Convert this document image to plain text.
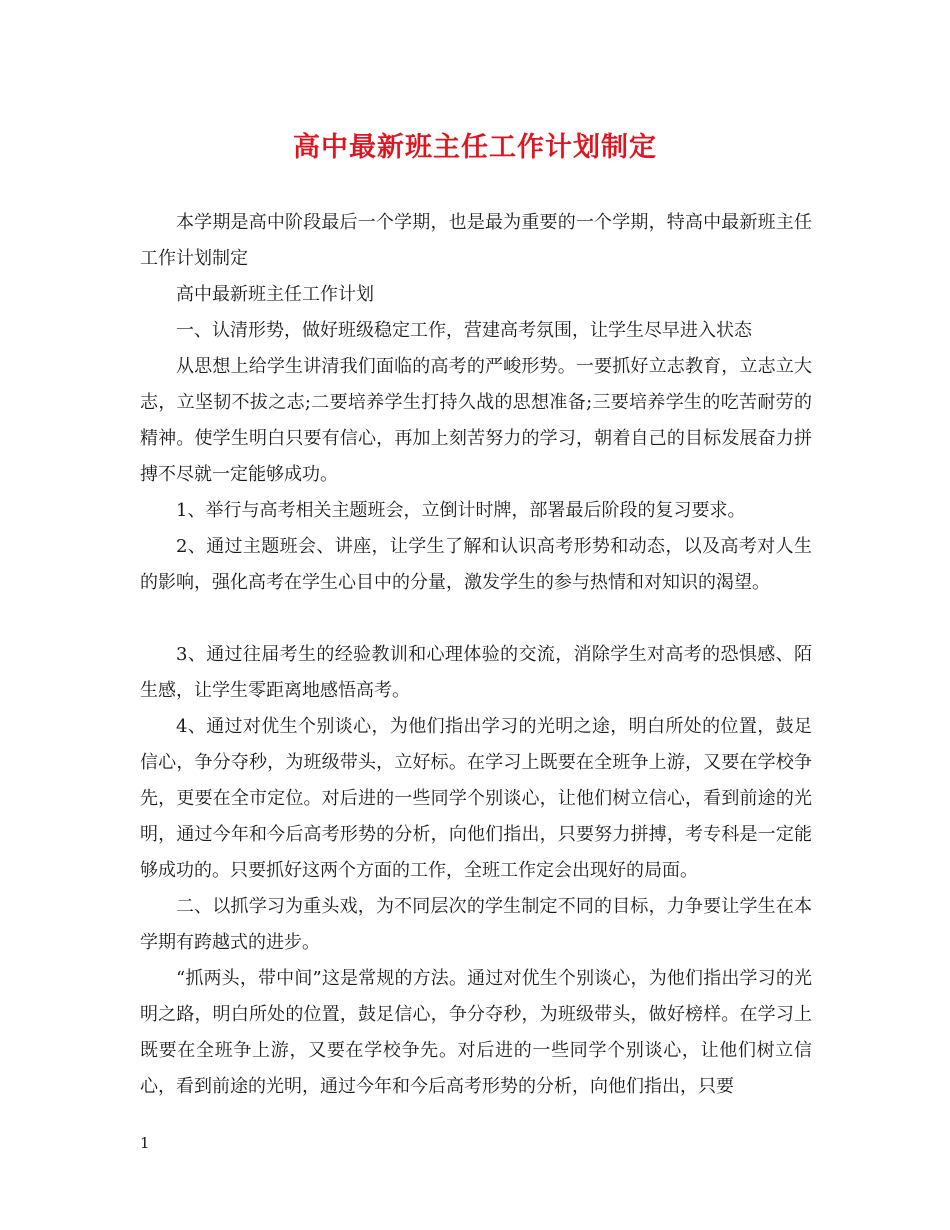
高中最新班主任工作计划制定

本学期是高中阶段最后一个学期，也是最为重要的一个学期，特高中最新班主任工作计划制定

高中最新班主任工作计划

一、认清形势，做好班级稳定工作，营建高考氛围，让学生尽早进入状态

从思想上给学生讲清我们面临的高考的严峻形势。一要抓好立志教育，立志立大志，立坚韧不拔之志;二要培养学生打持久战的思想准备;三要培养学生的吃苦耐劳的精神。使学生明白只要有信心，再加上刻苦努力的学习，朝着自己的目标发展奋力拼搏不尽就一定能够成功。

1、举行与高考相关主题班会，立倒计时牌，部署最后阶段的复习要求。

2、通过主题班会、讲座，让学生了解和认识高考形势和动态，以及高考对人生的影响，强化高考在学生心目中的分量，激发学生的参与热情和对知识的渴望。

3、通过往届考生的经验教训和心理体验的交流，消除学生对高考的恐惧感、陌生感，让学生零距离地感悟高考。

4、通过对优生个别谈心，为他们指出学习的光明之途，明白所处的位置，鼓足信心，争分夺秒，为班级带头，立好标。在学习上既要在全班争上游，又要在学校争先，更要在全市定位。对后进的一些同学个别谈心，让他们树立信心，看到前途的光明，通过今年和今后高考形势的分析，向他们指出，只要努力拼搏，考专科是一定能够成功的。只要抓好这两个方面的工作，全班工作定会出现好的局面。

二、以抓学习为重头戏，为不同层次的学生制定不同的目标，力争要让学生在本学期有跨越式的进步。

“抓两头，带中间”这是常规的方法。通过对优生个别谈心，为他们指出学习的光明之路，明白所处的位置，鼓足信心，争分夺秒，为班级带头，做好榜样。在学习上既要在全班争上游，又要在学校争先。对后进的一些同学个别谈心，让他们树立信心，看到前途的光明，通过今年和今后高考形势的分析，向他们指出，只要

1
